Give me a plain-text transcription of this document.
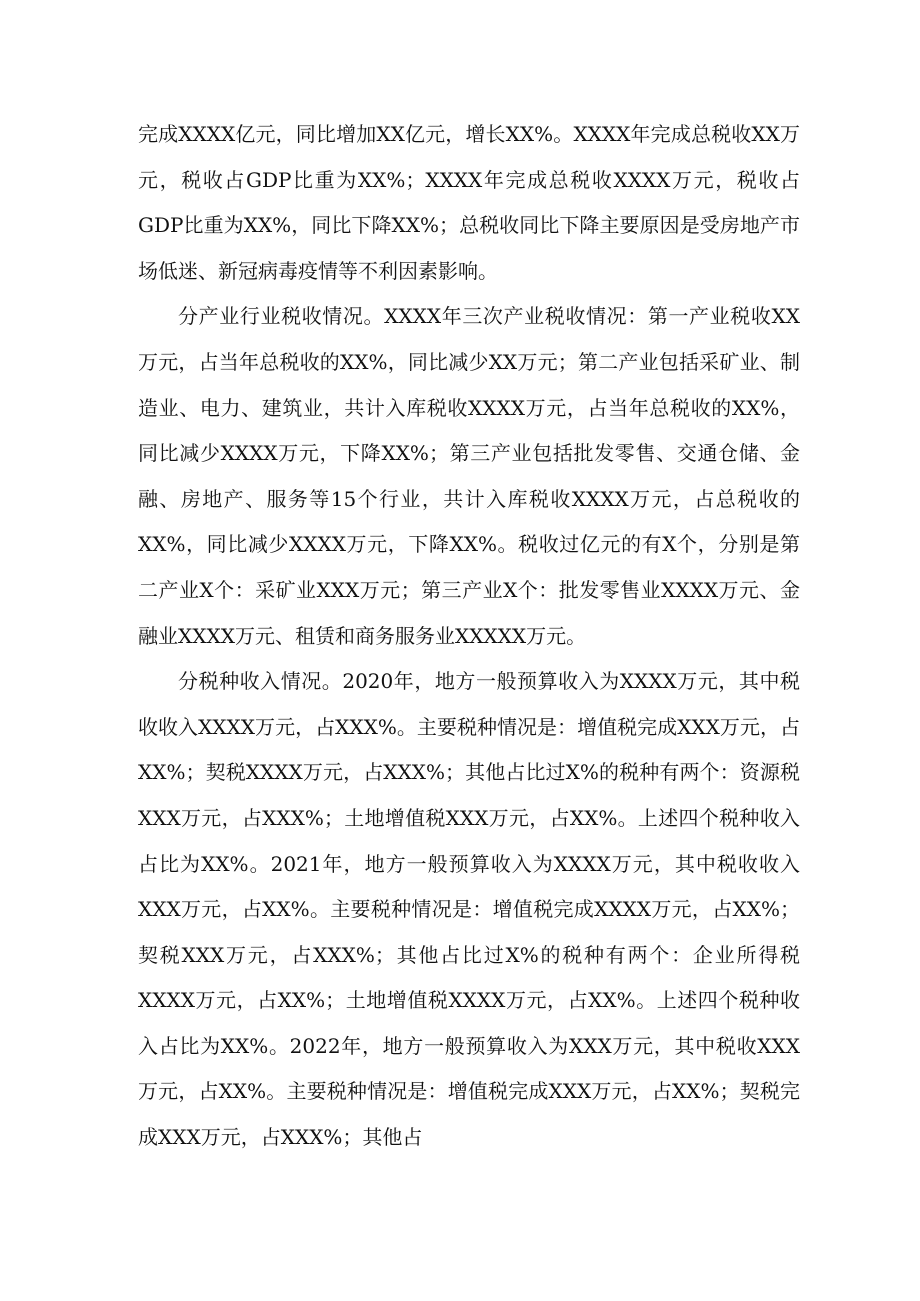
完成XXXX亿元，同比增加XX亿元，增长XX%。XXXX年完成总税收XX万元，税收占GDP比重为XX%；XXXX年完成总税收XXXX万元，税收占GDP比重为XX%，同比下降XX%；总税收同比下降主要原因是受房地产市场低迷、新冠病毒疫情等不利因素影响。

分产业行业税收情况。XXXX年三次产业税收情况：第一产业税收XX万元，占当年总税收的XX%，同比减少XX万元；第二产业包括采矿业、制造业、电力、建筑业，共计入库税收XXXX万元，占当年总税收的XX%，同比减少XXXX万元，下降XX%；第三产业包括批发零售、交通仓储、金融、房地产、服务等15个行业，共计入库税收XXXX万元，占总税收的XX%，同比减少XXXX万元，下降XX%。税收过亿元的有X个，分别是第二产业X个：采矿业XXX万元；第三产业X个：批发零售业XXXX万元、金融业XXXX万元、租赁和商务服务业XXXXX万元。

分税种收入情况。2020年，地方一般预算收入为XXXX万元，其中税收收入XXXX万元，占XXX%。主要税种情况是：增值税完成XXX万元，占XX%；契税XXXX万元，占XXX%；其他占比过X%的税种有两个：资源税XXX万元，占XXX%；土地增值税XXX万元，占XX%。上述四个税种收入占比为XX%。2021年，地方一般预算收入为XXXX万元，其中税收收入XXX万元，占XX%。主要税种情况是：增值税完成XXXX万元，占XX%；契税XXX万元，占XXX%；其他占比过X%的税种有两个：企业所得税XXXX万元，占XX%；土地增值税XXXX万元，占XX%。上述四个税种收入占比为XX%。2022年，地方一般预算收入为XXX万元，其中税收XXX万元，占XX%。主要税种情况是：增值税完成XXX万元，占XX%；契税完成XXX万元，占XXX%；其他占
